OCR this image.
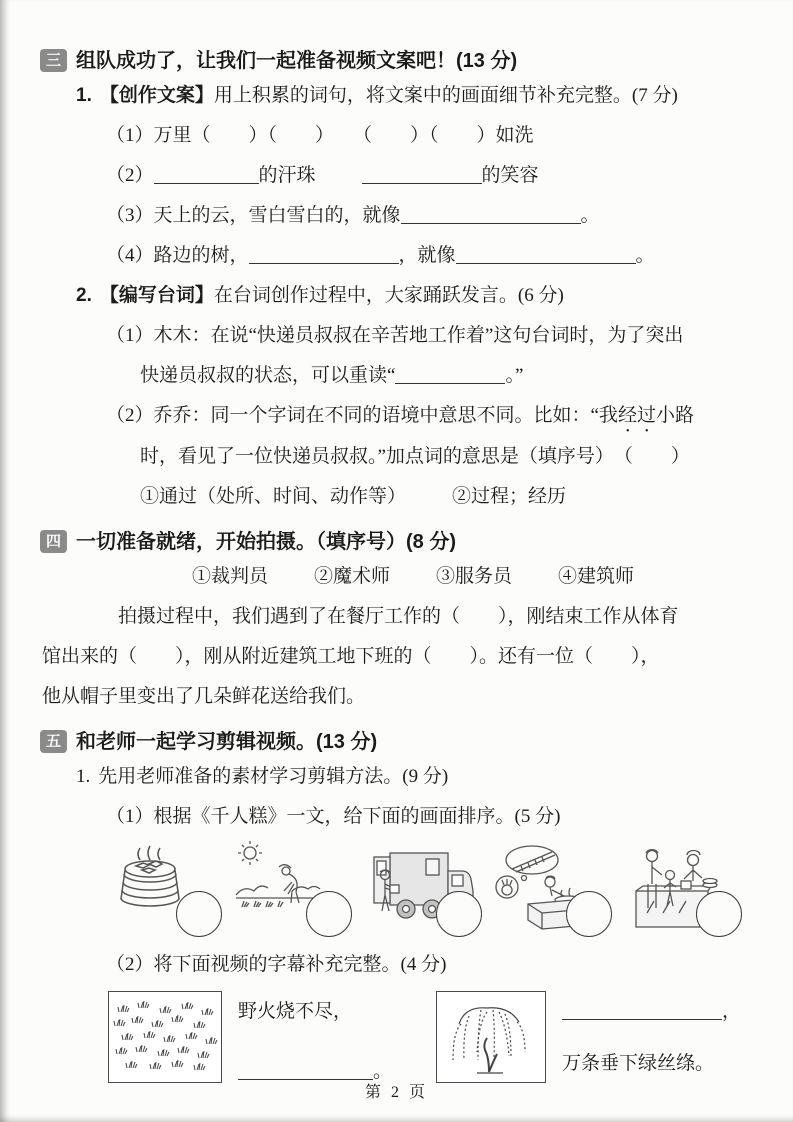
三 组队成功了，让我们一起准备视频文案吧！(13 分)
1. 【创作文案】用上积累的词句，将文案中的画面细节补充完整。(7 分)
（1）万里（　　）（　　）　　（　　）（　　）如洗
（2）	的汗珠	的笑容
（3）天上的云，雪白雪白的，就像	。
（4）路边的树，	，就像	。
2. 【编写台词】在台词创作过程中，大家踊跃发言。(6 分)
（1）木木：在说“快递员叔叔在辛苦地工作着”这句台词时，为了突出
快递员叔叔的状态，可以重读“	。”
（2）乔乔：同一个字词在不同的语境中意思不同。比如：“我经过小路
时，看见了一位快递员叔叔。”加点词的意思是（填序号）　（　　）
①通过（处所、时间、动作等） ②过程；经历
四 一切准备就绪，开始拍摄。（填序号）(8 分)
①裁判员 ②魔术师 ③服务员 ④建筑师
拍摄过程中，我们遇到了在餐厅工作的（　　），刚结束工作从体育
馆出来的（　　），刚从附近建筑工地下班的（　　）。还有一位（　　），
他从帽子里变出了几朵鲜花送给我们。
五 和老师一起学习剪辑视频。(13 分)
1. 先用老师准备的素材学习剪辑方法。(9 分)
（1）根据《千人糕》一文，给下面的画面排序。(5 分)
（2）将下面视频的字幕补充完整。(4 分)
野火烧不尽，
。
，
万条垂下绿丝绦。
第 2 页
